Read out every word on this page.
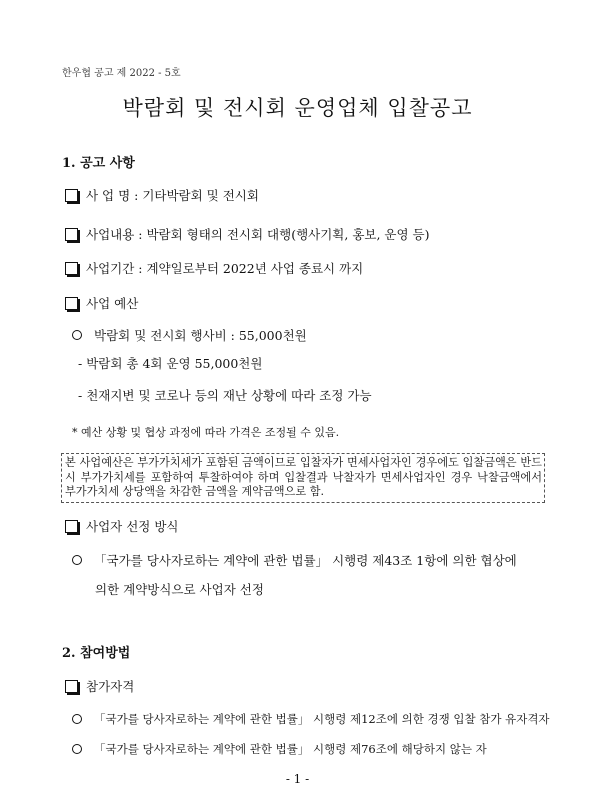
한우협 공고 제 2022 - 5호
박람회 및 전시회 운영업체 입찰공고
1. 공고 사항
사 업 명 : 기타박람회 및 전시회
사업내용 : 박람회 형태의 전시회 대행(행사기획, 홍보, 운영 등)
사업기간 : 계약일로부터 2022년 사업 종료시 까지
사업 예산
박람회 및 전시회 행사비 : 55,000천원
- 박람회 총 4회 운영 55,000천원
- 천재지변 및 코로나 등의 재난 상황에 따라 조정 가능
* 예산 상황 및 협상 과정에 따라 가격은 조정될 수 있음.
본 사업예산은 부가가치세가 포함된 금액이므로 입찰자가 면세사업자인 경우에도 입찰금액은 반드시 부가가치세를 포함하여 투찰하여야 하며 입찰결과 낙찰자가 면세사업자인 경우 낙찰금액에서 부가가치세 상당액을 차감한 금액을 계약금액으로 함.
사업자 선정 방식
「국가를 당사자로하는 계약에 관한 법률」 시행령 제43조 1항에 의한 협상에
의한 계약방식으로 사업자 선정
2. 참여방법
참가자격
「국가를 당사자로하는 계약에 관한 법률」 시행령 제12조에 의한 경쟁 입찰 참가 유자격자
「국가를 당사자로하는 계약에 관한 법률」 시행령 제76조에 해당하지 않는 자
- 1 -
